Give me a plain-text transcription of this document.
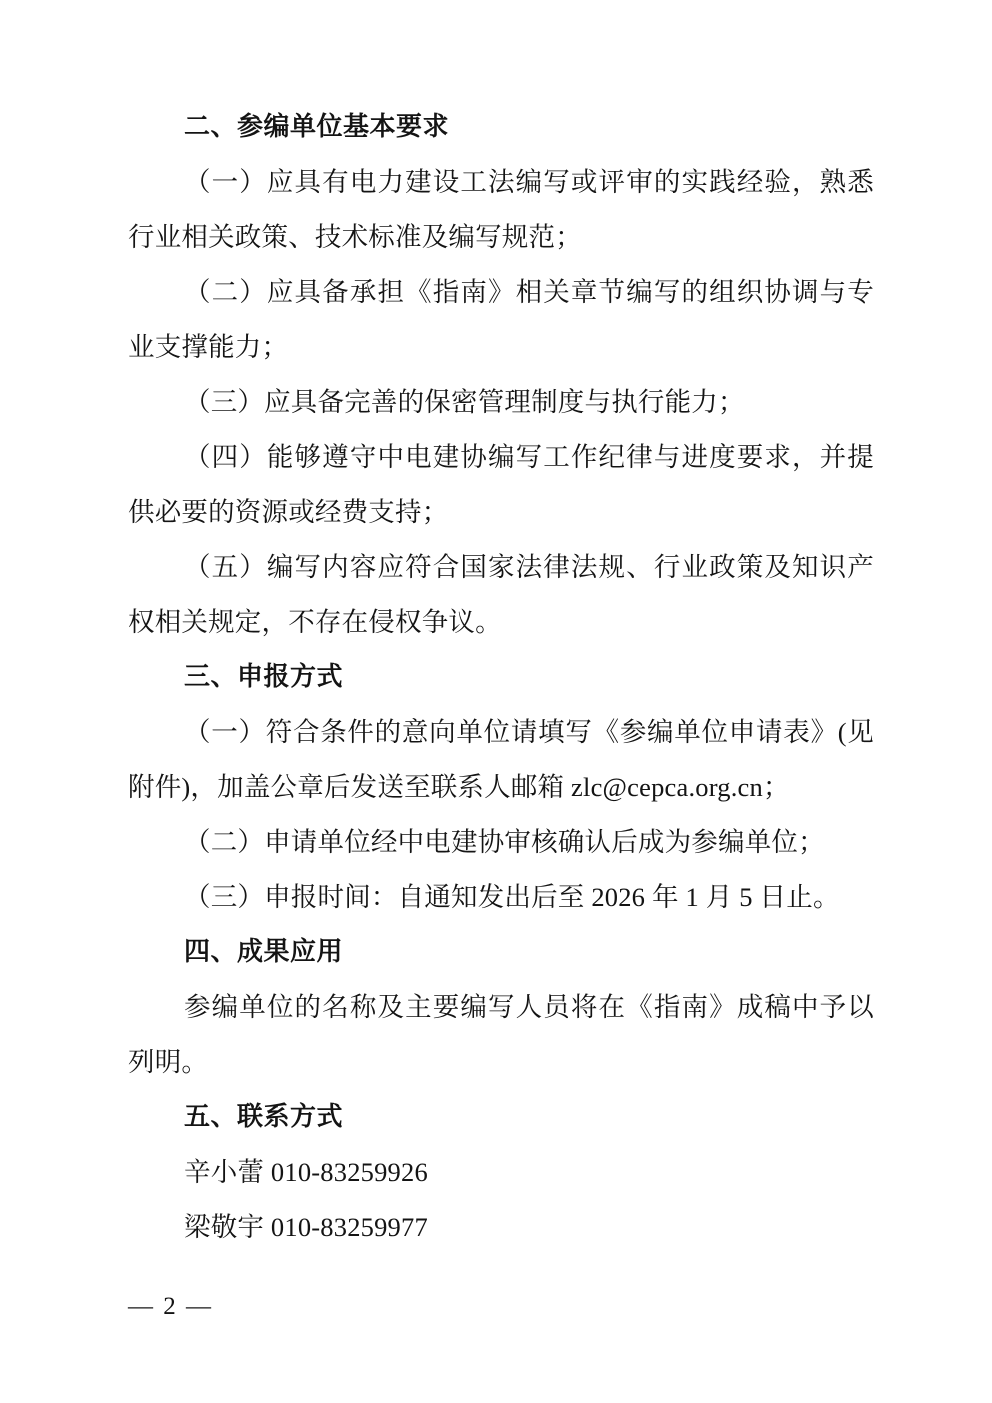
二、参编单位基本要求

（一）应具有电力建设工法编写或评审的实践经验，熟悉行业相关政策、技术标准及编写规范；

（二）应具备承担《指南》相关章节编写的组织协调与专业支撑能力；

（三）应具备完善的保密管理制度与执行能力；

（四）能够遵守中电建协编写工作纪律与进度要求，并提供必要的资源或经费支持；

（五）编写内容应符合国家法律法规、行业政策及知识产权相关规定，不存在侵权争议。

三、申报方式

（一）符合条件的意向单位请填写《参编单位申请表》(见附件)，加盖公章后发送至联系人邮箱 zlc@cepca.org.cn；

（二）申请单位经中电建协审核确认后成为参编单位；

（三）申报时间：自通知发出后至 2026 年 1 月 5 日止。

四、成果应用

参编单位的名称及主要编写人员将在《指南》成稿中予以列明。

五、联系方式

辛小蕾 010-83259926

梁敬宇 010-83259977

— 2 —
